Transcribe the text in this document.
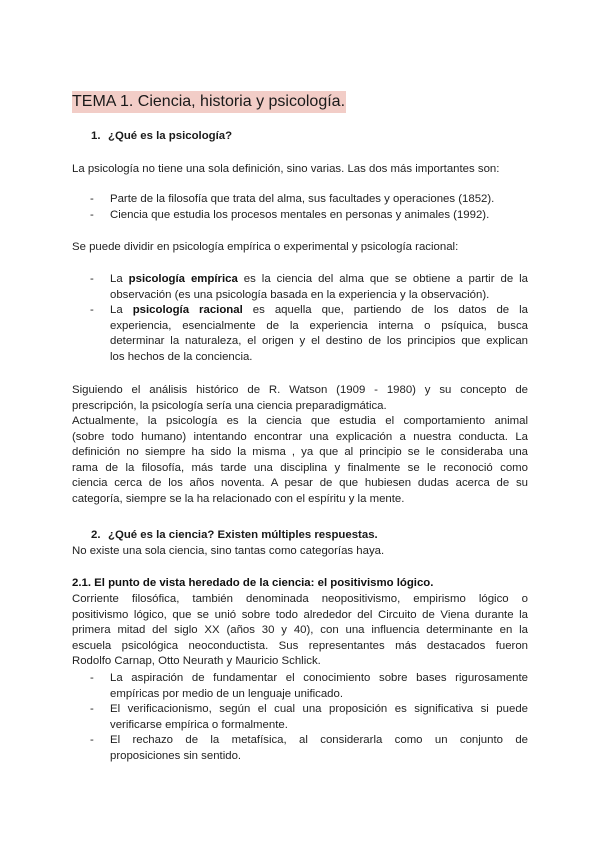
TEMA 1. Ciencia, historia y psicología.
1. ¿Qué es la psicología?
La psicología no tiene una sola definición, sino varias. Las dos más importantes son:
- Parte de la filosofía que trata del alma, sus facultades y operaciones (1852).
- Ciencia que estudia los procesos mentales en personas y animales (1992).
Se puede dividir en psicología empírica o experimental y psicología racional:
- La psicología empírica es la ciencia del alma que se obtiene a partir de la
observación (es una psicología basada en la experiencia y la observación).
- La psicología racional es aquella que, partiendo de los datos de la
experiencia, esencialmente de la experiencia interna o psíquica, busca
determinar la naturaleza, el origen y el destino de los principios que explican
los hechos de la conciencia.
Siguiendo el análisis histórico de R. Watson (1909 - 1980) y su concepto de
prescripción, la psicología sería una ciencia preparadigmática.
Actualmente, la psicología es la ciencia que estudia el comportamiento animal
(sobre todo humano) intentando encontrar una explicación a nuestra conducta. La
definición no siempre ha sido la misma , ya que al principio se le consideraba una
rama de la filosofía, más tarde una disciplina y finalmente se le reconoció como
ciencia cerca de los años noventa. A pesar de que hubiesen dudas acerca de su
categoría, siempre se la ha relacionado con el espíritu y la mente.
2. ¿Qué es la ciencia? Existen múltiples respuestas.
No existe una sola ciencia, sino tantas como categorías haya.
2.1. El punto de vista heredado de la ciencia: el positivismo lógico.
Corriente filosófica, también denominada neopositivismo, empirismo lógico o
positivismo lógico, que se unió sobre todo alrededor del Circuito de Viena durante la
primera mitad del siglo XX (años 30 y 40), con una influencia determinante en la
escuela psicológica neoconductista. Sus representantes más destacados fueron
Rodolfo Carnap, Otto Neurath y Mauricio Schlick.
- La aspiración de fundamentar el conocimiento sobre bases rigurosamente
empíricas por medio de un lenguaje unificado.
- El verificacionismo, según el cual una proposición es significativa si puede
verificarse empírica o formalmente.
- El rechazo de la metafísica, al considerarla como un conjunto de
proposiciones sin sentido.
